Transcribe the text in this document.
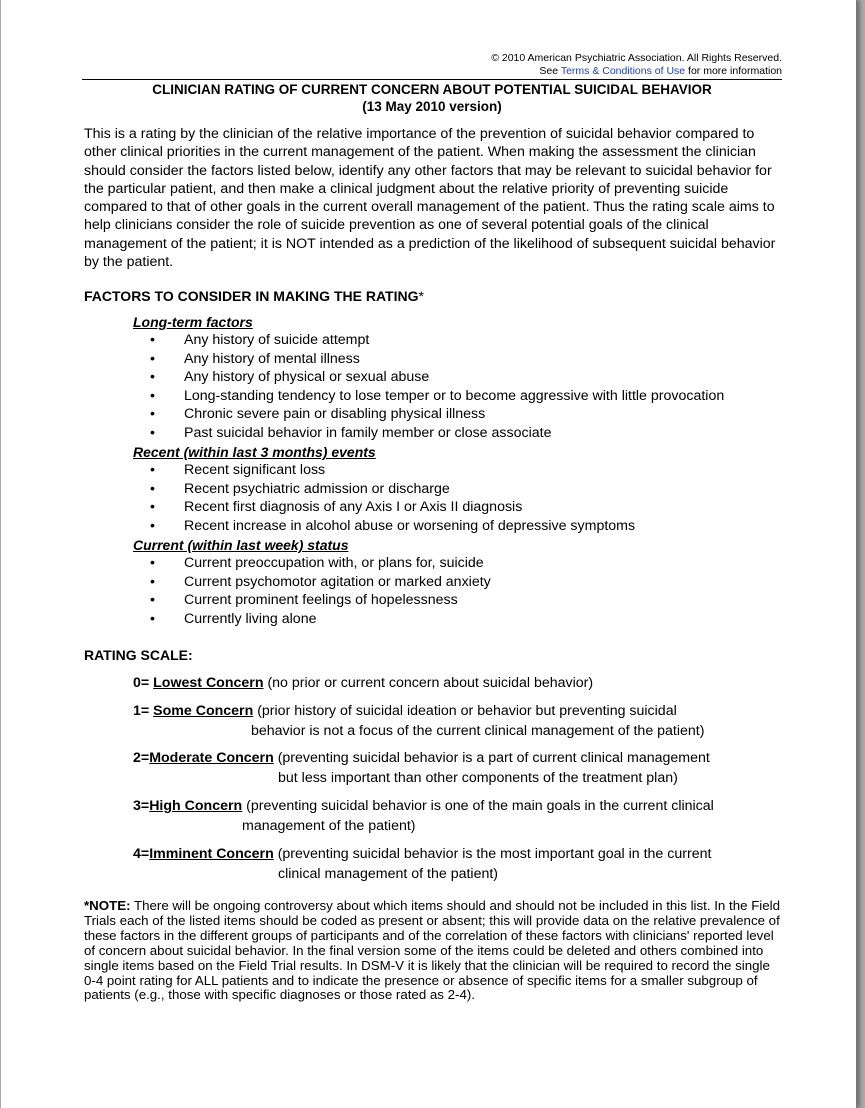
© 2010 American Psychiatric Association. All Rights Reserved.
See Terms & Conditions of Use for more information
CLINICIAN RATING OF CURRENT CONCERN ABOUT POTENTIAL SUICIDAL BEHAVIOR
(13 May 2010 version)

This is a rating by the clinician of the relative importance of the prevention of suicidal behavior compared to other clinical priorities in the current management of the patient. When making the assessment the clinician should consider the factors listed below, identify any other factors that may be relevant to suicidal behavior for the particular patient, and then make a clinical judgment about the relative priority of preventing suicide compared to that of other goals in the current overall management of the patient. Thus the rating scale aims to help clinicians consider the role of suicide prevention as one of several potential goals of the clinical management of the patient; it is NOT intended as a prediction of the likelihood of subsequent suicidal behavior by the patient.

FACTORS TO CONSIDER IN MAKING THE RATING*
Long-term factors
• Any history of suicide attempt
• Any history of mental illness
• Any history of physical or sexual abuse
• Long-standing tendency to lose temper or to become aggressive with little provocation
• Chronic severe pain or disabling physical illness
• Past suicidal behavior in family member or close associate
Recent (within last 3 months) events
• Recent significant loss
• Recent psychiatric admission or discharge
• Recent first diagnosis of any Axis I or Axis II diagnosis
• Recent increase in alcohol abuse or worsening of depressive symptoms
Current (within last week) status
• Current preoccupation with, or plans for, suicide
• Current psychomotor agitation or marked anxiety
• Current prominent feelings of hopelessness
• Currently living alone
RATING SCALE:
0= Lowest Concern (no prior or current concern about suicidal behavior)
1= Some Concern (prior history of suicidal ideation or behavior but preventing suicidal
behavior is not a focus of the current clinical management of the patient)
2=Moderate Concern (preventing suicidal behavior is a part of current clinical management
but less important than other components of the treatment plan)
3=High Concern (preventing suicidal behavior is one of the main goals in the current clinical
management of the patient)
4=Imminent Concern (preventing suicidal behavior is the most important goal in the current
clinical management of the patient)

*NOTE: There will be ongoing controversy about which items should and should not be included in this list. In the Field Trials each of the listed items should be coded as present or absent; this will provide data on the relative prevalence of these factors in the different groups of participants and of the correlation of these factors with clinicians' reported level of concern about suicidal behavior. In the final version some of the items could be deleted and others combined into single items based on the Field Trial results. In DSM-V it is likely that the clinician will be required to record the single 0-4 point rating for ALL patients and to indicate the presence or absence of specific items for a smaller subgroup of patients (e.g., those with specific diagnoses or those rated as 2-4).
